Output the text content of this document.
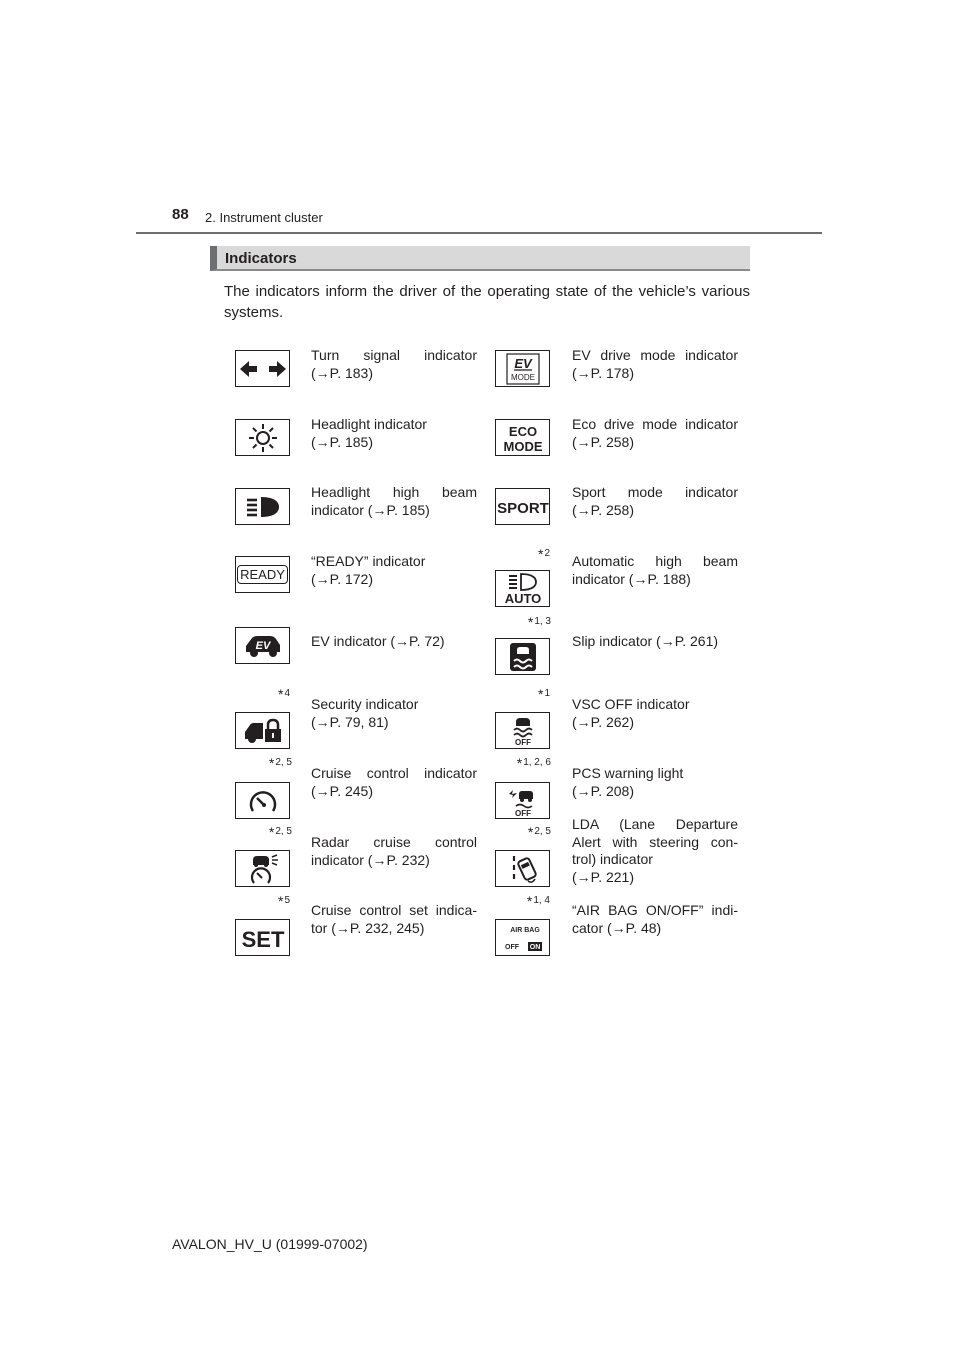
88 2. Instrument cluster
Indicators
The indicators inform the driver of the operating state of the vehicle’s various systems.
Turn signal indicator
(→P. 183)
Headlight indicator
(→P. 185)
Headlight high beam
indicator (→P. 185)
READY
“READY” indicator
(→P. 172)
EV	EV indicator (→P. 72)
*$^4$
Security indicator
(→P. 79, 81)
*$^{2, 5}$
Cruise control indicator
(→P. 245)
*$^{2, 5}$
Radar cruise control
indicator (→P. 232)
*$^5$
SET
Cruise control set indica-
tor (→P. 232, 245)
EV
MODE
EV drive mode indicator
(→P. 178)
ECO
MODE
Eco drive mode indicator
(→P. 258)
SPORT
Sport mode indicator
(→P. 258)
*$^2$
AUTO
Automatic high beam
indicator (→P. 188)
*$^{1, 3}$
Slip indicator (→P. 261)
*$^1$
OFF
VSC OFF indicator
(→P. 262)
*$^{1, 2, 6}$
OFF
PCS warning light
(→P. 208)
*$^{2, 5}$ LDA (Lane Departure
Alert with steering con-
trol) indicator
(→P. 221)
*$^{1, 4}$
AIR BAG
OFF ON
“AIR BAG ON/OFF” indi-
cator (→P. 48)
AVALON_HV_U (01999-07002)
